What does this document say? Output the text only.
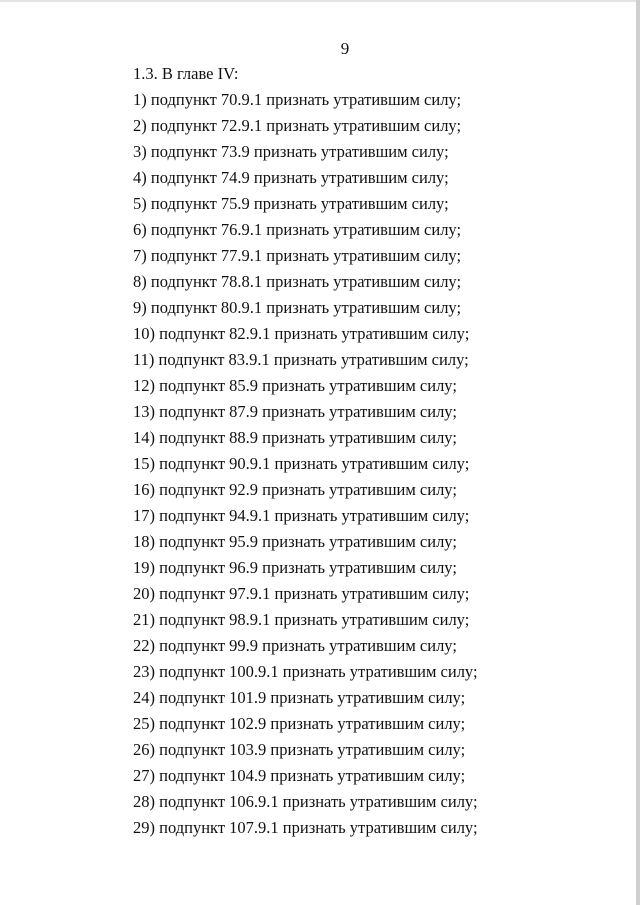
9
1.3. В главе IV:
1) подпункт 70.9.1 признать утратившим силу;
2) подпункт 72.9.1 признать утратившим силу;
3) подпункт 73.9 признать утратившим силу;
4) подпункт 74.9 признать утратившим силу;
5) подпункт 75.9 признать утратившим силу;
6) подпункт 76.9.1 признать утратившим силу;
7) подпункт 77.9.1 признать утратившим силу;
8) подпункт 78.8.1 признать утратившим силу;
9) подпункт 80.9.1 признать утратившим силу;
10) подпункт 82.9.1 признать утратившим силу;
11) подпункт 83.9.1 признать утратившим силу;
12) подпункт 85.9 признать утратившим силу;
13) подпункт 87.9 признать утратившим силу;
14) подпункт 88.9 признать утратившим силу;
15) подпункт 90.9.1 признать утратившим силу;
16) подпункт 92.9 признать утратившим силу;
17) подпункт 94.9.1 признать утратившим силу;
18) подпункт 95.9 признать утратившим силу;
19) подпункт 96.9 признать утратившим силу;
20) подпункт 97.9.1 признать утратившим силу;
21) подпункт 98.9.1 признать утратившим силу;
22) подпункт 99.9 признать утратившим силу;
23) подпункт 100.9.1 признать утратившим силу;
24) подпункт 101.9 признать утратившим силу;
25) подпункт 102.9 признать утратившим силу;
26) подпункт 103.9 признать утратившим силу;
27) подпункт 104.9 признать утратившим силу;
28) подпункт 106.9.1 признать утратившим силу;
29) подпункт 107.9.1 признать утратившим силу;
